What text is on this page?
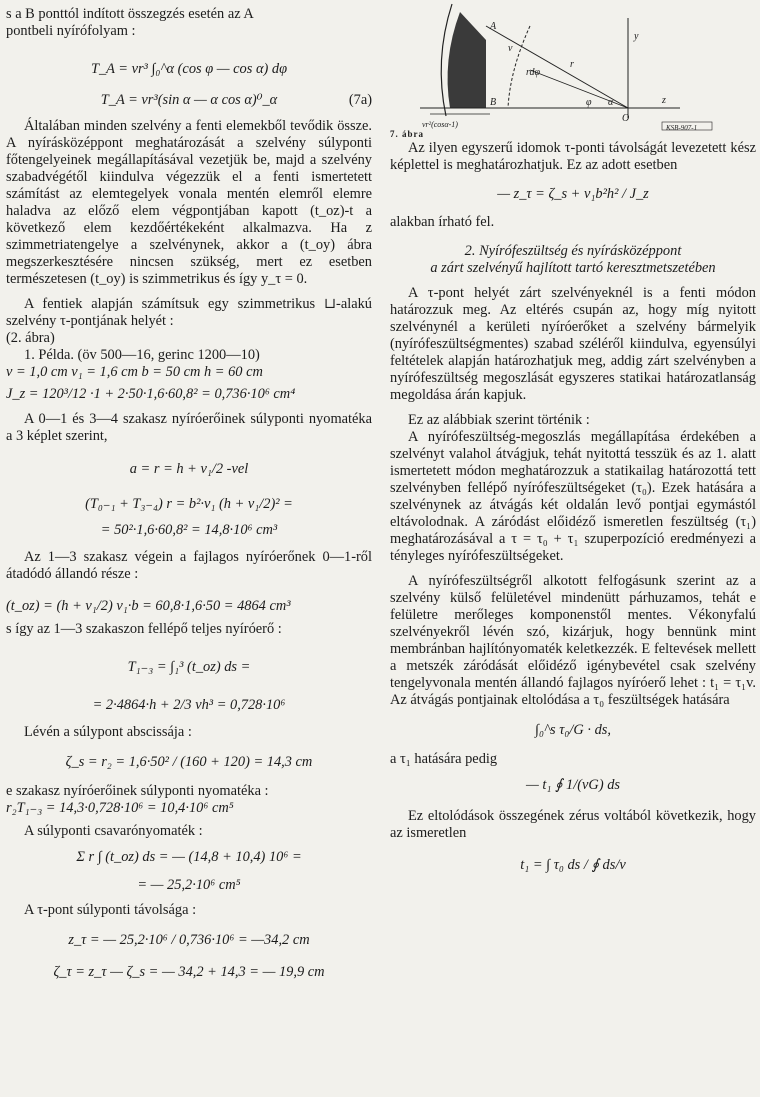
s a B ponttól indított összegzés esetén az A

pontbeli nyírófolyam :

T_A = vr³ ∫₀^α (cos φ — cos α) dφ
T_A = vr³(sin α — α cos α)⁰_α	(7a)

Általában minden szelvény a fenti elemekből tevődik össze. A nyírásközéppont meghatározását a szelvény súlyponti főtengelyeinek megállapításával vezetjük be, majd a szelvény szabadvégétől kiindulva végezzük el a fenti ismertetett számítást az elemtegelyek vonala mentén elemről elemre haladva az előző elem végpontjában kapott (t_oz)-t a következő elem kezdőértékeként alkalmazva. Ha z szimmetriatengelye a szelvénynek, akkor a (t_oy) ábra megszerkesztésére nincsen szükség, mert ez esetben természetesen (t_oy) is szimmetrikus és így y_τ = 0.

A fentiek alapján számítsuk egy szimmetrikus ⊔-alakú szelvény τ-pontjának helyét :

(2. ábra)

1. Példa. (öv 500—16, gerinc 1200—10)

v = 1,0 cm v₁ = 1,6 cm b = 50 cm h = 60 cm

J_z = 120³/12 ·1 + 2·50·1,6·60,8² = 0,736·10⁶ cm⁴

A 0—1 és 3—4 szakasz nyíróerőinek súlyponti nyomatéka a 3 képlet szerint,

a = r = h + v₁/2 -vel
(T₀₋₁ + T₃₋₄) r = b²·v₁ (h + v₁/2)² =
= 50²·1,6·60,8² = 14,8·10⁶ cm³

Az 1—3 szakasz végein a fajlagos nyíróerőnek 0—1-ről átadódó állandó része :

(t_oz) = (h + v₁/2) v₁·b = 60,8·1,6·50 = 4864 cm³

s így az 1—3 szakaszon fellépő teljes nyíróerő :

T₁₋₃ = ∫₁³ (t_oz) ds =
= 2·4864·h + 2/3 vh³ = 0,728·10⁶

Lévén a súlypont abscissája :

ζ_s = r₂ = 1,6·50² / (160 + 120) = 14,3 cm

e szakasz nyíróerőinek súlyponti nyomatéka :

r₂T₁₋₃ = 14,3·0,728·10⁶ = 10,4·10⁶ cm⁵

A súlyponti csavarónyomaték :

Σ r ∫ (t_oz) ds = — (14,8 + 10,4) 10⁶ =
= — 25,2·10⁶ cm⁵

A τ-pont súlyponti távolsága :

z_τ = — 25,2·10⁶ / 0,736·10⁶ = —34,2 cm
ζ_τ = z_τ — ζ_s = — 34,2 + 14,3 = — 19,9 cm
A
B
O
r
y
z
φ α
rdφ
v
vr²(cosα-1)	KSB-907-1
7. ábra

Az ilyen egyszerű idomok τ-ponti távolságát levezetett kész képlettel is meghatározhatjuk. Ez az adott esetben

— z_τ = ζ_s + v₁b²h² / J_z

alakban írható fel.

2. Nyírófeszültség és nyírásközéppont

a zárt szelvényű hajlított tartó keresztmetszetében

A τ-pont helyét zárt szelvényeknél is a fenti módon határozzuk meg. Az eltérés csupán az, hogy míg nyitott szelvénynél a kerületi nyíróerőket a szelvény bármelyik (nyírófeszültségmentes) szabad széléről kiindulva, egyensúlyi feltételek alapján határozhatjuk meg, addig zárt szelvényben a nyírófeszültség megoszlását egyszeres statikai határozatlanság megoldása árán kapjuk.

Ez az alábbiak szerint történik :

A nyírófeszültség-megoszlás megállapítása érdekében a szelvényt valahol átvágjuk, tehát nyitottá tesszük és az 1. alatt ismertetett módon meghatározzuk a statikailag határozottá tett szelvényben fellépő nyírófeszültségeket (τ₀). Ezek hatására a szelvénynek az átvágás két oldalán levő pontjai egymástól eltávolodnak. A záródást előidéző ismeretlen feszültség (τ₁) meghatározásával a τ = τ₀ + τ₁ szuperpozíció eredményezi a tényleges nyírófeszültségeket.

A nyírófeszültségről alkotott felfogásunk szerint az a szelvény külső felületével mindenütt párhuzamos, tehát e felületre merőleges komponenstől mentes. Vékonyfalú szelvényekről lévén szó, kizárjuk, hogy bennünk mint membránban hajlítónyomaték keletkezzék. E feltevések mellett a metszék záródását előidéző igénybevétel csak szelvény tengelyvonala mentén állandó fajlagos nyíróerő lehet : t₁ = τ₁v. Az átvágás pontjainak eltolódása a τ₀ feszültségek hatására

∫₀^s τ₀/G · ds,

a τ₁ hatására pedig

— t₁ ∮ 1/(vG) ds

Ez eltolódások összegének zérus voltából következik, hogy az ismeretlen

t₁ = ∫ τ₀ ds / ∮ ds/v
